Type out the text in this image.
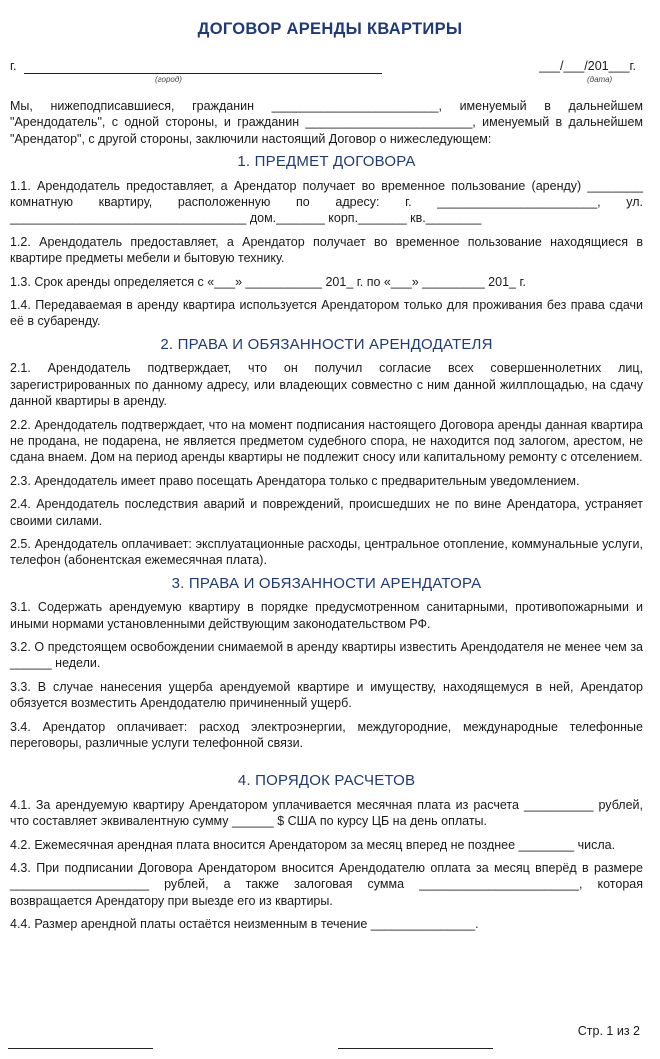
ДОГОВОР АРЕНДЫ КВАРТИРЫ
г.
(город)
___/___/201___г.
(дата)

Мы, нижеподписавшиеся, гражданин ________________________, именуемый в дальнейшем "Арендодатель", с одной стороны, и гражданин ________________________, именуемый в дальнейшем "Арендатор", с другой стороны, заключили настоящий Договор о нижеследующем:

1. ПРЕДМЕТ ДОГОВОРА

1.1. Арендодатель предоставляет, а Арендатор получает во временное пользование (аренду) ________ комнатную квартиру, расположенную по адресу: г. _______________________, ул. __________________________________ дом._______ корп._______ кв.________

1.2. Арендодатель предоставляет, а Арендатор получает во временное пользование находящиеся в квартире предметы мебели и бытовую технику.

1.3. Срок аренды определяется с «___» ___________ 201_ г. по «___» _________ 201_ г.

1.4. Передаваемая в аренду квартира используется Арендатором только для проживания без права сдачи её в субаренду.

2. ПРАВА И ОБЯЗАННОСТИ АРЕНДОДАТЕЛЯ

2.1. Арендодатель подтверждает, что он получил согласие всех совершеннолетних лиц, зарегистрированных по данному адресу, или владеющих совместно с ним данной жилплощадью, на сдачу данной квартиры в аренду.

2.2. Арендодатель подтверждает, что на момент подписания настоящего Договора аренды данная квартира не продана, не подарена, не является предметом судебного спора, не находится под залогом, арестом, не сдана внаем. Дом на период аренды квартиры не подлежит сносу или капитальному ремонту с отселением.

2.3. Арендодатель имеет право посещать Арендатора только с предварительным уведомлением.

2.4. Арендодатель последствия аварий и повреждений, происшедших не по вине Арендатора, устраняет своими силами.

2.5. Арендодатель оплачивает: эксплуатационные расходы, центральное отопление, коммунальные услуги, телефон (абонентская ежемесячная плата).

3. ПРАВА И ОБЯЗАННОСТИ АРЕНДАТОРА

3.1. Содержать арендуемую квартиру в порядке предусмотренном санитарными, противопожарными и иными нормами установленными действующим законодательством РФ.

3.2. О предстоящем освобождении снимаемой в аренду квартиры известить Арендодателя не менее чем за ______ недели.

3.3. В случае нанесения ущерба арендуемой квартире и имуществу, находящемуся в ней, Арендатор обязуется возместить Арендодателю причиненный ущерб.

3.4. Арендатор оплачивает: расход электроэнергии, междугородние, международные телефонные переговоры, различные услуги телефонной связи.

4. ПОРЯДОК РАСЧЕТОВ

4.1. За арендуемую квартиру Арендатором уплачивается месячная плата из расчета __________ рублей, что составляет эквивалентную сумму ______ $ США по курсу ЦБ на день оплаты.

4.2. Ежемесячная арендная плата вносится Арендатором за месяц вперед не позднее ________ числа.

4.3. При подписании Договора Арендатором вносится Арендодателю оплата за месяц вперёд в размере ____________________ рублей, а также залоговая сумма _______________________, которая возвращается Арендатору при выезде его из квартиры.

4.4. Размер арендной платы остаётся неизменным в течение _______________.

Стр. 1 из 2
